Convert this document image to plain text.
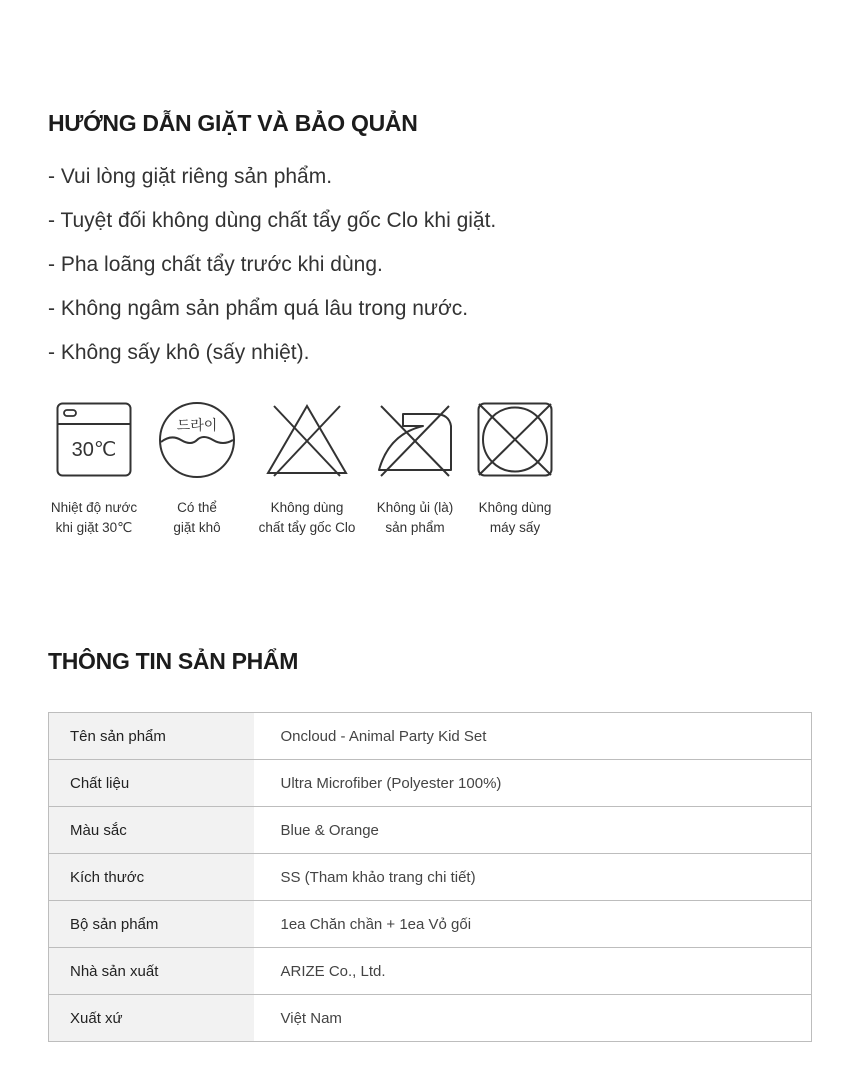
HƯỚNG DẪN GIẶT VÀ BẢO QUẢN
- Vui lòng giặt riêng sản phẩm.
- Tuyệt đối không dùng chất tẩy gốc Clo khi giặt.
- Pha loãng chất tẩy trước khi dùng.
- Không ngâm sản phẩm quá lâu trong nước.
- Không sấy khô (sấy nhiệt).
30℃
Nhiệt độ nước
khi giặt 30℃
드라이
Có thể
giặt khô
Không dùng
chất tẩy gốc Clo
Không ủi (là)
sản phẩm
Không dùng
máy sấy
THÔNG TIN SẢN PHẨM
Tên sản phẩm	Oncloud - Animal Party Kid Set
Chất liệu	Ultra Microfiber (Polyester 100%)
Màu sắc	Blue & Orange
Kích thước	SS (Tham khảo trang chi tiết)
Bộ sản phẩm	1ea Chăn chần + 1ea Vỏ gối
Nhà sản xuất	ARIZE Co., Ltd.
Xuất xứ	Việt Nam
